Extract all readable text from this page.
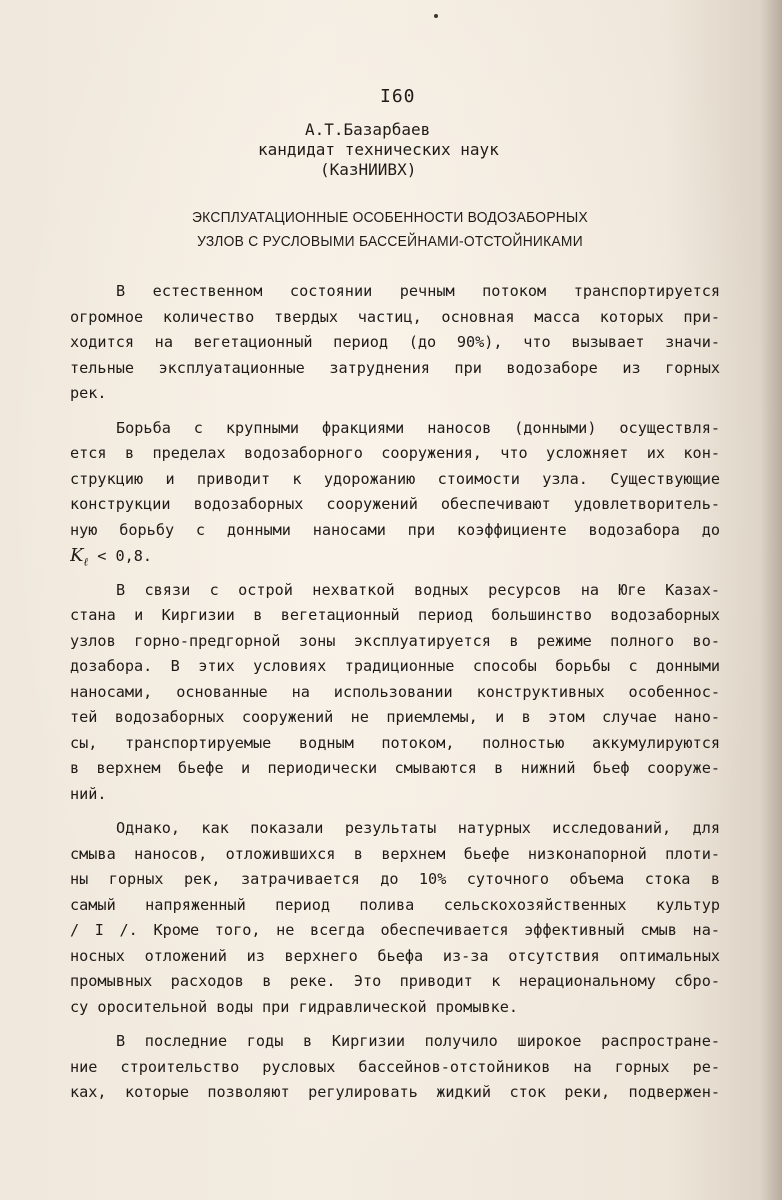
I60
А.Т.Базарбаев
кандидат технических наук
(КазНИИВХ)
ЭКСПЛУАТАЦИОННЫЕ ОСОБЕННОСТИ ВОДОЗАБОРНЫХ
УЗЛОВ С РУСЛОВЫМИ БАССЕЙНАМИ-ОТСТОЙНИКАМИ
В естественном состоянии речным потоком транспортируется
огромное количество твердых частиц, основная масса которых при-
ходится на вегетационный период (до 90%), что вызывает значи-
тельные эксплуатационные затруднения при водозаборе из горных
рек.
Борьба с крупными фракциями наносов (донными) осуществля-
ется в пределах водозаборного сооружения, что усложняет их кон-
струкцию и приводит к удорожанию стоимости узла. Существующие
конструкции водозаборных сооружений обеспечивают удовлетворитель-
ную борьбу с донными наносами при коэффициенте водозабора до
$K_\ell < 0,8$.
В связи с острой нехваткой водных ресурсов на Юге Казах-
стана и Киргизии в вегетационный период большинство водозаборных
узлов горно-предгорной зоны эксплуатируется в режиме полного во-
дозабора. В этих условиях традиционные способы борьбы с донными
наносами, основанные на использовании конструктивных особеннос-
тей водозаборных сооружений не приемлемы, и в этом случае нано-
сы, транспортируемые водным потоком, полностью аккумулируются
в верхнем бьефе и периодически смываются в нижний бьеф сооруже-
ний.
Однако, как показали результаты натурных исследований, для
смыва наносов, отложившихся в верхнем бьефе низконапорной плоти-
ны горных рек, затрачивается до 10% суточного объема стока в
самый напряженный период полива сельскохозяйственных культур
/ I /. Кроме того, не всегда обеспечивается эффективный смыв на-
носных отложений из верхнего бьефа из-за отсутствия оптимальных
промывных расходов в реке. Это приводит к нерациональному сбро-
су оросительной воды при гидравлической промывке.
В последние годы в Киргизии получило широкое распростране-
ние строительство русловых бассейнов-отстойников на горных ре-
ках, которые позволяют регулировать жидкий сток реки, подвержен-
